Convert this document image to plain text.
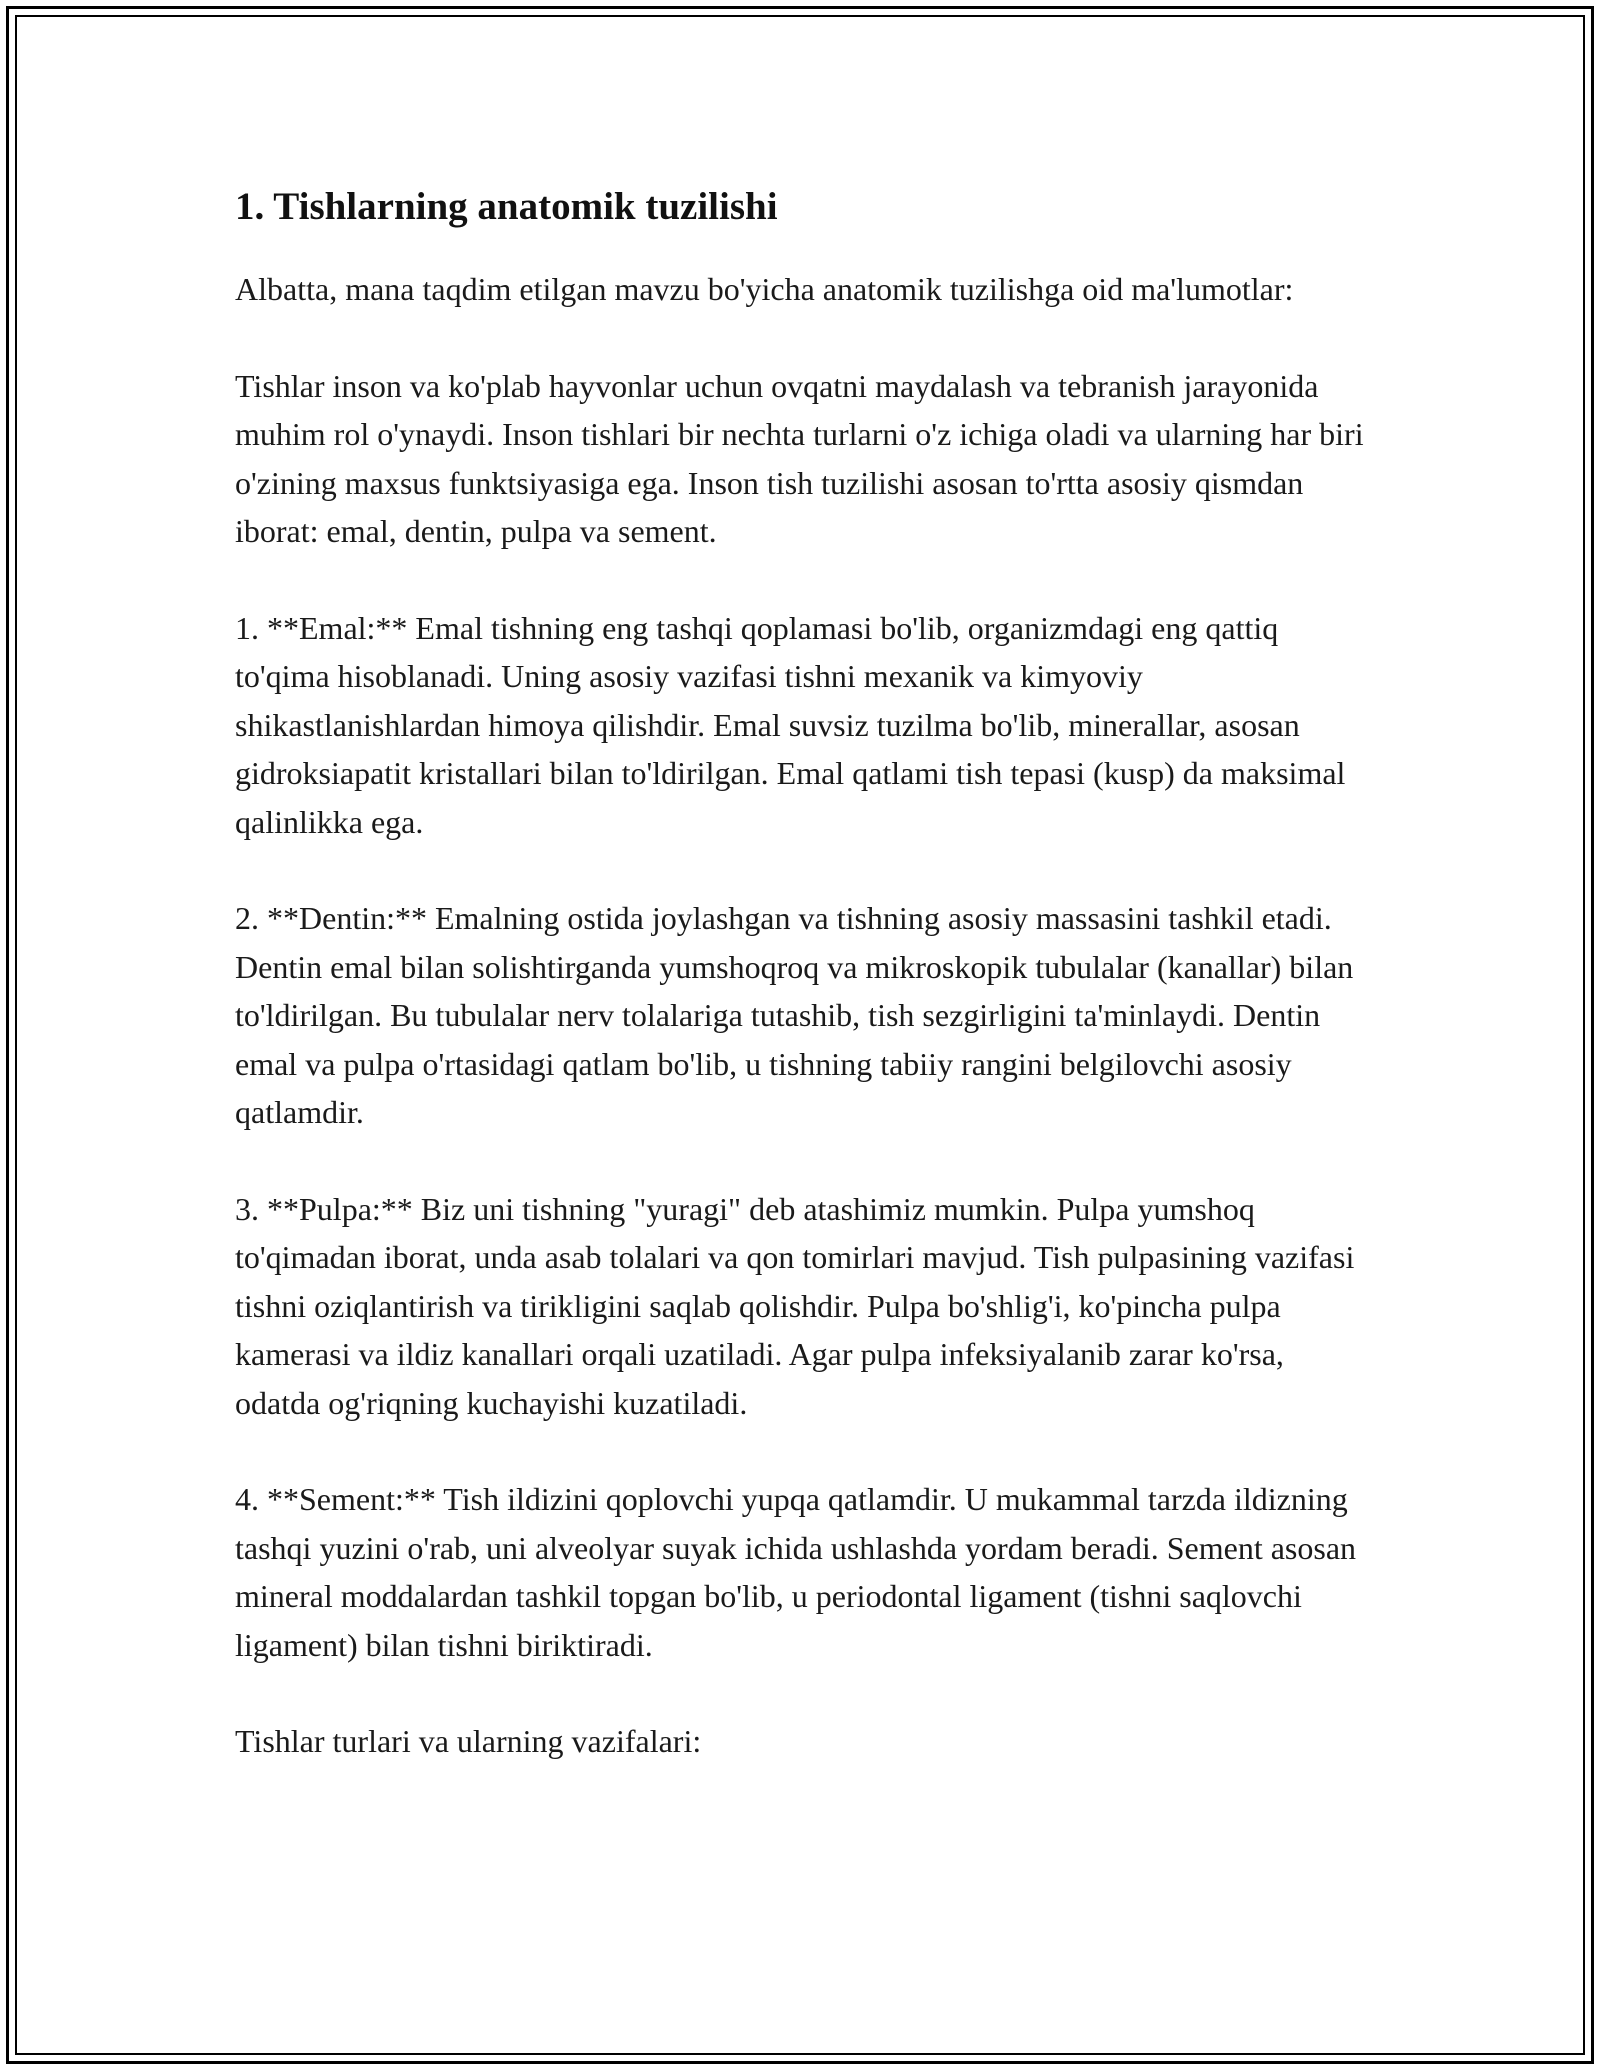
1. Tishlarning anatomik tuzilishi

Albatta, mana taqdim etilgan mavzu bo'yicha anatomik tuzilishga oid ma'lumotlar:

Tishlar inson va ko'plab hayvonlar uchun ovqatni maydalash va tebranish jarayonida muhim rol o'ynaydi. Inson tishlari bir nechta turlarni o'z ichiga oladi va ularning har biri o'zining maxsus funktsiyasiga ega. Inson tish tuzilishi asosan to'rtta asosiy qismdan iborat: emal, dentin, pulpa va sement.

1. **Emal:** Emal tishning eng tashqi qoplamasi bo'lib, organizmdagi eng qattiq to'qima hisoblanadi. Uning asosiy vazifasi tishni mexanik va kimyoviy shikastlanishlardan himoya qilishdir. Emal suvsiz tuzilma bo'lib, minerallar, asosan gidroksiapatit kristallari bilan to'ldirilgan. Emal qatlami tish tepasi (kusp) da maksimal qalinlikka ega.

2. **Dentin:** Emalning ostida joylashgan va tishning asosiy massasini tashkil etadi. Dentin emal bilan solishtirganda yumshoqroq va mikroskopik tubulalar (kanallar) bilan to'ldirilgan. Bu tubulalar nerv tolalariga tutashib, tish sezgirligini ta'minlaydi. Dentin emal va pulpa o'rtasidagi qatlam bo'lib, u tishning tabiiy rangini belgilovchi asosiy qatlamdir.

3. **Pulpa:** Biz uni tishning "yuragi" deb atashimiz mumkin. Pulpa yumshoq to'qimadan iborat, unda asab tolalari va qon tomirlari mavjud. Tish pulpasining vazifasi tishni oziqlantirish va tirikligini saqlab qolishdir. Pulpa bo'shlig'i, ko'pincha pulpa kamerasi va ildiz kanallari orqali uzatiladi. Agar pulpa infeksiyalanib zarar ko'rsa, odatda og'riqning kuchayishi kuzatiladi.

4. **Sement:** Tish ildizini qoplovchi yupqa qatlamdir. U mukammal tarzda ildizning tashqi yuzini o'rab, uni alveolyar suyak ichida ushlashda yordam beradi. Sement asosan mineral moddalardan tashkil topgan bo'lib, u periodontal ligament (tishni saqlovchi ligament) bilan tishni biriktiradi.

Tishlar turlari va ularning vazifalari:
